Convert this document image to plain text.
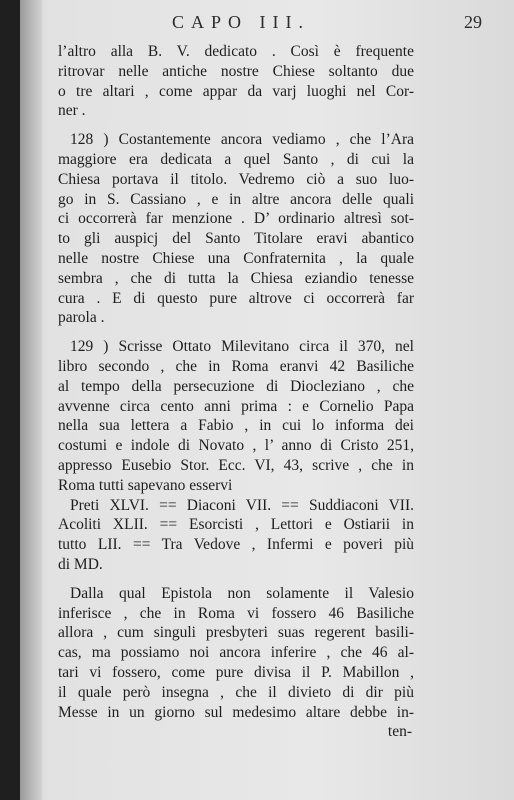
CAPO III.	29
l’altro alla B. V. dedicato . Così è frequente
ritrovar nelle antiche nostre Chiese soltanto due
o tre altari , come appar da varj luoghi nel Cor-
ner .
128 ) Costantemente ancora vediamo , che l’Ara
maggiore era dedicata a quel Santo , di cui la
Chiesa portava il titolo. Vedremo ciò a suo luo-
go in S. Cassiano , e in altre ancora delle quali
ci occorrerà far menzione . D’ ordinario altresì sot-
to gli auspicj del Santo Titolare eravi abantico
nelle nostre Chiese una Confraternita , la quale
sembra , che di tutta la Chiesa eziandio tenesse
cura . E di questo pure altrove ci occorrerà far
parola .
129 ) Scrisse Ottato Milevitano circa il 370, nel
libro secondo , che in Roma eranvi 42 Basiliche
al tempo della persecuzione di Diocleziano , che
avvenne circa cento anni prima : e Cornelio Papa
nella sua lettera a Fabio , in cui lo informa dei
costumi e indole di Novato , l’ anno di Cristo 251,
appresso Eusebio Stor. Ecc. VI, 43, scrive , che in
Roma tutti sapevano esservi
Preti XLVI. == Diaconi VII. == Suddiaconi VII.
Acoliti XLII. == Esorcisti , Lettori e Ostiarii in
tutto LII. == Tra Vedove , Infermi e poveri più
di MD.
Dalla qual Epistola non solamente il Valesio
inferisce , che in Roma vi fossero 46 Basiliche
allora , cum singuli presbyteri suas regerent basili-
cas, ma possiamo noi ancora inferire , che 46 al-
tari vi fossero, come pure divisa il P. Mabillon ,
il quale però insegna , che il divieto di dir più
Messe in un giorno sul medesimo altare debbe in-
ten-
